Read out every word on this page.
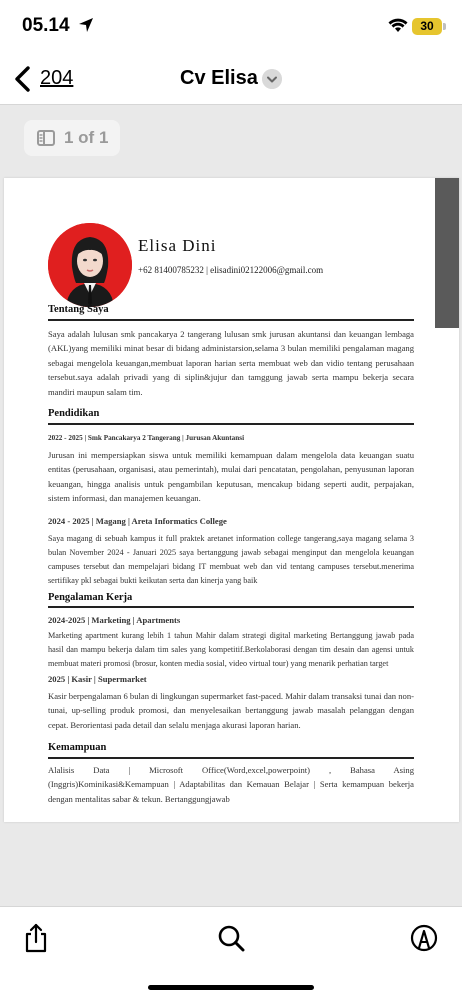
05.14	30
204	Cv Elisa
1 of 1
Elisa Dini
+62 81400785232 | elisadini02122006@gmail.com
Tentang Saya
Saya adalah lulusan smk pancakarya 2 tangerang lulusan smk jurusan akuntansi dan keuangan lembaga (AKL)yang memiliki minat besar di bidang administarsion,selama 3 bulan memiliki pengalaman magang sebagai mengelola keuangan,membuat laporan harian serta membuat web dan vidio tentang perusahaan tersebut.saya adalah privadi yang di siplin&jujur dan tamggung jawab serta mampu bekerja secara mandiri maupun salam tim.
Pendidikan
2022 - 2025 | Smk Pancakarya 2 Tangerang | Jurusan Akuntansi
Jurusan ini mempersiapkan siswa untuk memiliki kemampuan dalam mengelola data keuangan suatu entitas (perusahaan, organisasi, atau pemerintah), mulai dari pencatatan, pengolahan, penyusunan laporan keuangan, hingga analisis untuk pengambilan keputusan, mencakup bidang seperti audit, perpajakan, sistem informasi, dan manajemen keuangan.
2024 - 2025 | Magang | Areta Informatics College
Saya magang di sebuah kampus it full praktek aretanet information college tangerang,saya magang selama 3 bulan November 2024 - Januari 2025 saya bertanggung jawab sebagai menginput dan mengelola keuangan campuses tersebut dan mempelajari bidang IT membuat web dan vid tentang campuses tersebut.menerima sertifikay pkl sebagai bukti keikutan serta dan kinerja yang baik
Pengalaman Kerja
2024-2025 | Marketing | Apartments
Marketing apartment kurang lebih 1 tahun Mahir dalam strategi digital marketing Bertanggung jawab pada hasil dan mampu bekerja dalam tim sales yang kompetitif.Berkolaborasi dengan tim desain dan agensi untuk membuat materi promosi (brosur, konten media sosial, video virtual tour) yang menarik perhatian target
2025 | Kasir | Supermarket
Kasir berpengalaman 6 bulan di lingkungan supermarket fast-paced. Mahir dalam transaksi tunai dan non-tunai, up-selling produk promosi, dan menyelesaikan bertanggung jawab masalah pelanggan dengan cepat. Berorientasi pada detail dan selalu menjaga akurasi laporan harian.
Kemampuan
Alalisis Data | Microsoft Office(Word,excel,powerpoint) , Bahasa Asing (Inggris)Kominikasi&Kemampuan | Adaptabilitas dan Kemauan Belajar | Serta kemampuan bekerja dengan mentalitas sabar & tekun. Bertanggungjawab
